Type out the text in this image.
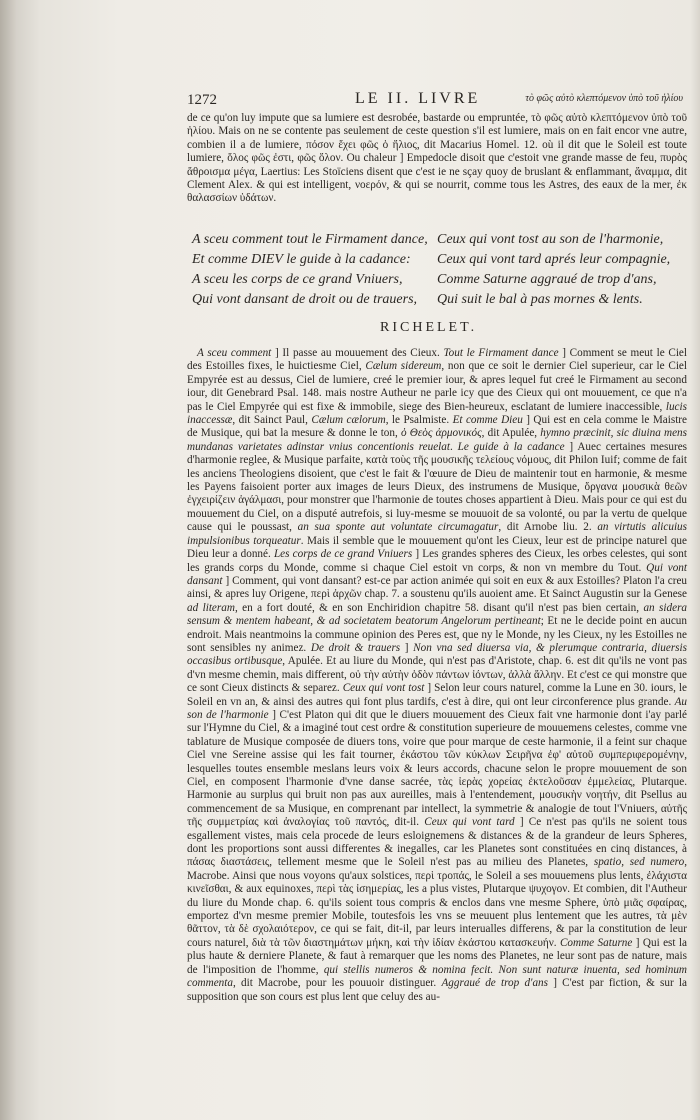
1272	LE II. LIVRE	τὸ φῶς αὐτὸ κλεπτόμενον ὑπὸ τοῦ ἡλίου
de ce qu'on luy impute que sa lumiere est desrobée, bastarde ou empruntée, τὸ φῶς αὐτὸ κλεπτόμενον ὑπὸ τοῦ ἡλίου. Mais on ne se contente pas seulement de ceste question s'il est lumiere, mais on en fait encor vne autre, combien il a de lumiere, πόσον ἔχει φῶς ὁ ἥλιος, dit Macarius Homel. 12. où il dit que le Soleil est toute lumiere, ὅλος φῶς ἐστι, φῶς ὅλον. Ou chaleur ] Empedocle disoit que c'estoit vne grande masse de feu, πυρὸς ἄθροισμα μέγα, Laertius: Les Stoïciens disent que c'est ie ne sçay quoy de bruslant & enflammant, ἄναμμα, dit Clement Alex. & qui est intelligent, νοερόν, & qui se nourrit, comme tous les Astres, des eaux de la mer, ἐκ θαλασσίων ὑδάτων.
A sceu comment tout le Firmament dance,
Et comme DIEV le guide à la cadance:
A sceu les corps de ce grand Vniuers,
Qui vont dansant de droit ou de trauers,
Ceux qui vont tost au son de l'harmonie,
Ceux qui vont tard aprés leur compagnie,
Comme Saturne aggraué de trop d'ans,
Qui suit le bal à pas mornes & lents.
RICHELET.

A sceu comment ] Il passe au mouuement des Cieux. Tout le Firmament dance ] Comment se meut le Ciel des Estoilles fixes, le huictiesme Ciel, Cælum sidereum, non que ce soit le dernier Ciel superieur, car le Ciel Empyrée est au dessus, Ciel de lumiere, creé le premier iour, & apres lequel fut creé le Firmament au second iour, dit Genebrard Psal. 148. mais nostre Autheur ne parle icy que des Cieux qui ont mouuement, ce que n'a pas le Ciel Empyrée qui est fixe & immobile, siege des Bien-heureux, esclatant de lumiere inaccessible, lucis inaccessæ, dit Sainct Paul, Cælum cælorum, le Psalmiste. Et comme Dieu ] Qui est en cela comme le Maistre de Musique, qui bat la mesure & donne le ton, ὁ Θεὸς ἀρμονικός, dit Apulée, hymno præcinit, sic diuina mens mundanas varietates adinstar vnius concentionis reuelat. Le guide à la cadance ] Auec certaines mesures d'harmonie reglee, & Musique parfaite, κατὰ τοὺς τῆς μουσικῆς τελείους νόμους, dit Philon Iuif; comme de fait les anciens Theologiens disoient, que c'est le fait & l'œuure de Dieu de maintenir tout en harmonie, & mesme les Payens faisoient porter aux images de leurs Dieux, des instrumens de Musique, ὄργανα μουσικὰ θεῶν ἐγχειρίζειν ἀγάλμασι, pour monstrer que l'harmonie de toutes choses appartient à Dieu. Mais pour ce qui est du mouuement du Ciel, on a disputé autrefois, si luy-mesme se mouuoit de sa volonté, ou par la vertu de quelque cause qui le poussast, an sua sponte aut voluntate circumagatur, dit Arnobe liu. 2. an virtutis alicuius impulsionibus torqueatur. Mais il semble que le mouuement qu'ont les Cieux, leur est de principe naturel que Dieu leur a donné. Les corps de ce grand Vniuers ] Les grandes spheres des Cieux, les orbes celestes, qui sont les grands corps du Monde, comme si chaque Ciel estoit vn corps, & non vn membre du Tout. Qui vont dansant ] Comment, qui vont dansant? est-ce par action animée qui soit en eux & aux Estoilles? Platon l'a creu ainsi, & apres luy Origene, περὶ ἀρχῶν chap. 7. a soustenu qu'ils auoient ame. Et Sainct Augustin sur la Genese ad literam, en a fort douté, & en son Enchiridion chapitre 58. disant qu'il n'est pas bien certain, an sidera sensum & mentem habeant, & ad societatem beatorum Angelorum pertineant; Et ne le decide point en aucun endroit. Mais neantmoins la commune opinion des Peres est, que ny le Monde, ny les Cieux, ny les Estoilles ne sont sensibles ny animez. De droit & trauers ] Non vna sed diuersa via, & plerumque contraria, diuersis occasibus ortibusque, Apulée. Et au liure du Monde, qui n'est pas d'Aristote, chap. 6. est dit qu'ils ne vont pas d'vn mesme chemin, mais different, οὐ τὴν αὐτὴν ὁδὸν πάντων ἰόντων, ἀλλὰ ἄλλην. Et c'est ce qui monstre que ce sont Cieux distincts & separez. Ceux qui vont tost ] Selon leur cours naturel, comme la Lune en 30. iours, le Soleil en vn an, & ainsi des autres qui font plus tardifs, c'est à dire, qui ont leur circonference plus grande. Au son de l'harmonie ] C'est Platon qui dit que le diuers mouuement des Cieux fait vne harmonie dont i'ay parlé sur l'Hymne du Ciel, & a imaginé tout cest ordre & constitution superieure de mouuemens celestes, comme vne tablature de Musique composée de diuers tons, voire que pour marque de ceste harmonie, il a feint sur chaque Ciel vne Sereine assise qui les fait tourner, ἐκάστου τῶν κύκλων Σειρῆνα ἐφ' αὐτοῦ συμπεριφερομένην, lesquelles toutes ensemble meslans leurs voix & leurs accords, chacune selon le propre mouuement de son Ciel, en composent l'harmonie d'vne danse sacrée, τὰς ἱερὰς χορείας ἐκτελοῦσαν ἐμμελείας, Plutarque. Harmonie au surplus qui bruit non pas aux aureilles, mais à l'entendement, μουσικὴν νοητήν, dit Psellus au commencement de sa Musique, en comprenant par intellect, la symmetrie & analogie de tout l'Vniuers, αὐτῆς τῆς συμμετρίας καὶ ἀναλογίας τοῦ παντός, dit-il. Ceux qui vont tard ] Ce n'est pas qu'ils ne soient tous esgallement vistes, mais cela procede de leurs esloignemens & distances & de la grandeur de leurs Spheres, dont les proportions sont aussi differentes & inegalles, car les Planetes sont constituées en cinq distances, à πάσας διαστάσεις, tellement mesme que le Soleil n'est pas au milieu des Planetes, spatio, sed numero, Macrobe. Ainsi que nous voyons qu'aux solstices, περὶ τροπάς, le Soleil a ses mouuemens plus lents, ἐλάχιστα κινεῖσθαι, & aux equinoxes, περὶ τὰς ἰσημερίας, les a plus vistes, Plutarque ψυχογον. Et combien, dit l'Autheur du liure du Monde chap. 6. qu'ils soient tous compris & enclos dans vne mesme Sphere, ὑπὸ μιᾶς σφαίρας, emportez d'vn mesme premier Mobile, toutesfois les vns se meuuent plus lentement que les autres, τὰ μὲν θᾶττον, τὰ δὲ σχολαιότερον, ce qui se fait, dit-il, par leurs interualles differens, & par la constitution de leur cours naturel, διὰ τὰ τῶν διαστημάτων μήκη, καὶ τὴν ἰδίαν ἑκάστου κατασκευήν. Comme Saturne ] Qui est la plus haute & derniere Planete, & faut à remarquer que les noms des Planetes, ne leur sont pas de nature, mais de l'imposition de l'homme, qui stellis numeros & nomina fecit. Non sunt naturæ inuenta, sed hominum commenta, dit Macrobe, pour les pouuoir distinguer. Aggraué de trop d'ans ] C'est par fiction, & sur la supposition que son cours est plus lent que celuy des au-
